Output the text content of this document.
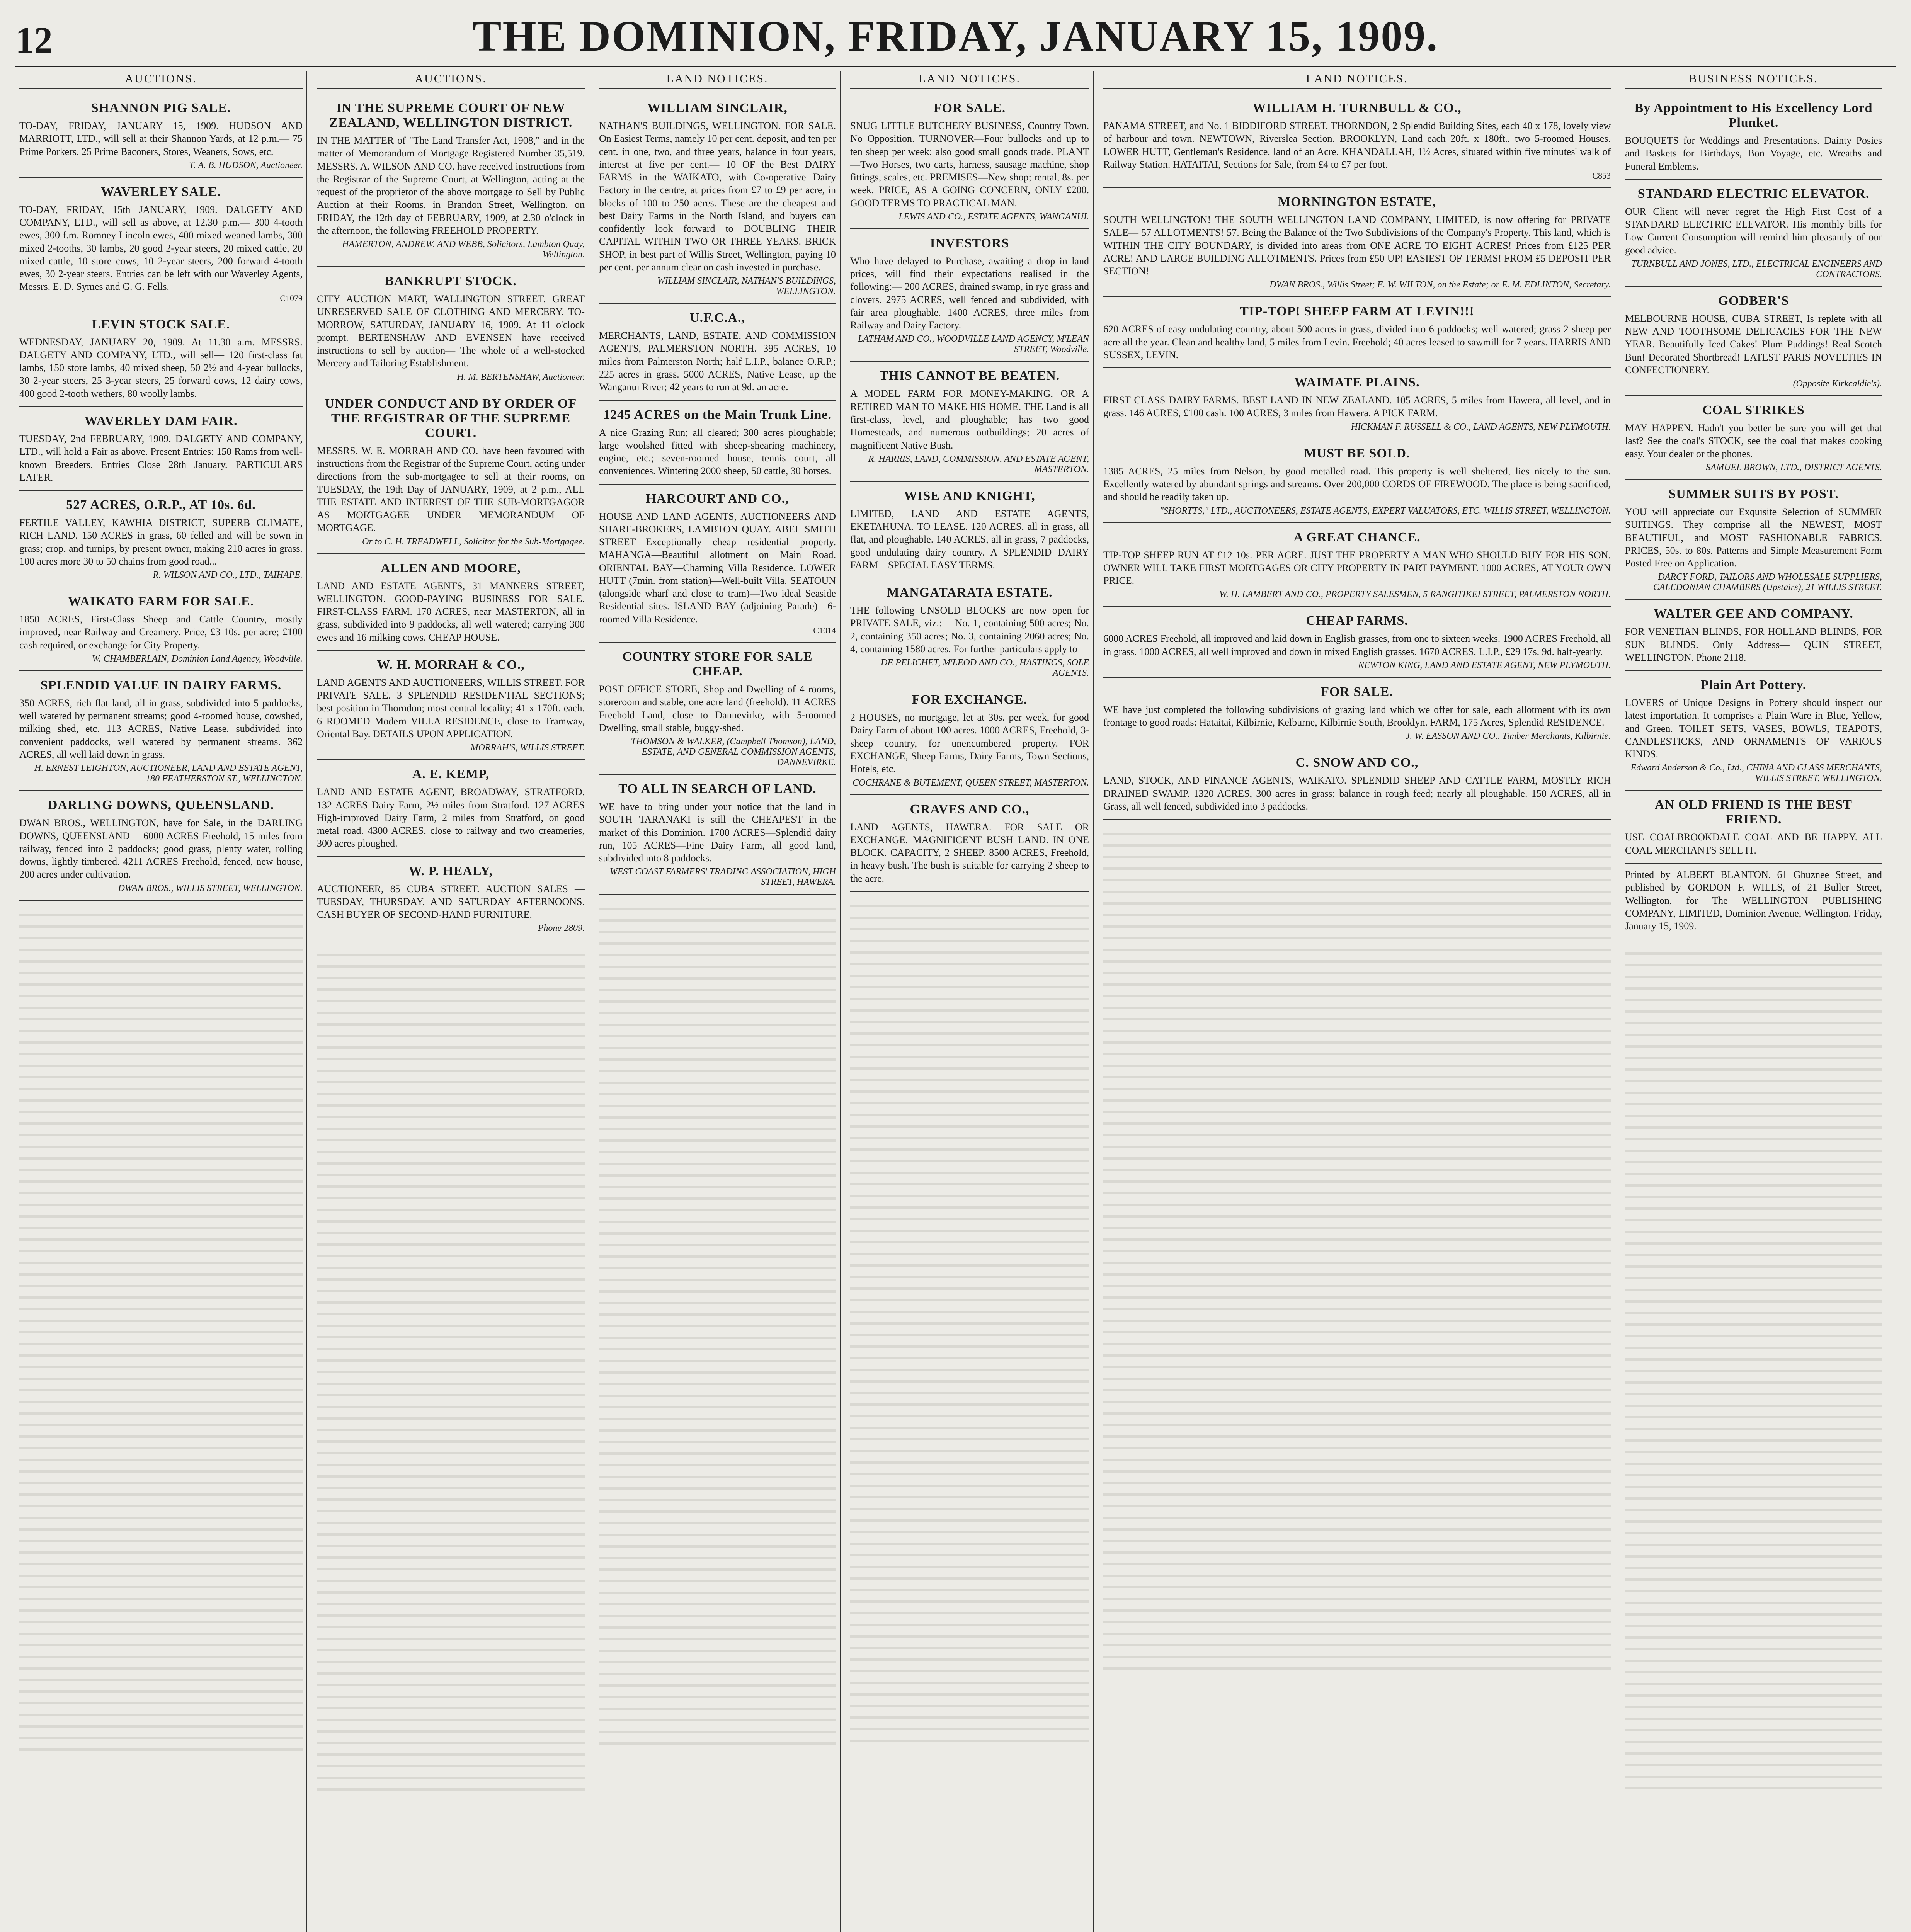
12	THE DOMINION, FRIDAY, JANUARY 15, 1909.
AUCTIONS.
SHANNON PIG SALE.

TO-DAY, FRIDAY, JANUARY 15, 1909. HUDSON AND MARRIOTT, LTD., will sell at their Shannon Yards, at 12 p.m.— 75 Prime Porkers, 25 Prime Baconers, Stores, Weaners, Sows, etc.

T. A. B. HUDSON, Auctioneer.
WAVERLEY SALE.

TO-DAY, FRIDAY, 15th JANUARY, 1909. DALGETY AND COMPANY, LTD., will sell as above, at 12.30 p.m.— 300 4-tooth ewes, 300 f.m. Romney Lincoln ewes, 400 mixed weaned lambs, 300 mixed 2-tooths, 30 lambs, 20 good 2-year steers, 20 mixed cattle, 20 mixed cattle, 10 store cows, 10 2-year steers, 200 forward 4-tooth ewes, 30 2-year steers. Entries can be left with our Waverley Agents, Messrs. E. D. Symes and G. G. Fells.

C1079
LEVIN STOCK SALE.

WEDNESDAY, JANUARY 20, 1909. At 11.30 a.m. MESSRS. DALGETY AND COMPANY, LTD., will sell— 120 first-class fat lambs, 150 store lambs, 40 mixed sheep, 50 2½ and 4-year bullocks, 30 2-year steers, 25 3-year steers, 25 forward cows, 12 dairy cows, 400 good 2-tooth wethers, 80 woolly lambs.

WAVERLEY DAM FAIR.

TUESDAY, 2nd FEBRUARY, 1909. DALGETY AND COMPANY, LTD., will hold a Fair as above. Present Entries: 150 Rams from well-known Breeders. Entries Close 28th January. PARTICULARS LATER.

527 ACRES, O.R.P., AT 10s. 6d.

FERTILE VALLEY, KAWHIA DISTRICT, SUPERB CLIMATE, RICH LAND. 150 ACRES in grass, 60 felled and will be sown in grass; crop, and turnips, by present owner, making 210 acres in grass. 100 acres more 30 to 50 chains from good road...

R. WILSON AND CO., LTD., TAIHAPE.
WAIKATO FARM FOR SALE.

1850 ACRES, First-Class Sheep and Cattle Country, mostly improved, near Railway and Creamery. Price, £3 10s. per acre; £100 cash required, or exchange for City Property.

W. CHAMBERLAIN, Dominion Land Agency, Woodville.
SPLENDID VALUE IN DAIRY FARMS.

350 ACRES, rich flat land, all in grass, subdivided into 5 paddocks, well watered by permanent streams; good 4-roomed house, cowshed, milking shed, etc. 113 ACRES, Native Lease, subdivided into convenient paddocks, well watered by permanent streams. 362 ACRES, all well laid down in grass.

H. ERNEST LEIGHTON, AUCTIONEER, LAND AND ESTATE AGENT, 180 FEATHERSTON ST., WELLINGTON.
DARLING DOWNS, QUEENSLAND.

DWAN BROS., WELLINGTON, have for Sale, in the DARLING DOWNS, QUEENSLAND— 6000 ACRES Freehold, 15 miles from railway, fenced into 2 paddocks; good grass, plenty water, rolling downs, lightly timbered. 4211 ACRES Freehold, fenced, new house, 200 acres under cultivation.

DWAN BROS., WILLIS STREET, WELLINGTON.
AUCTIONS.
IN THE SUPREME COURT OF NEW ZEALAND, WELLINGTON DISTRICT.

IN THE MATTER of "The Land Transfer Act, 1908," and in the matter of Memorandum of Mortgage Registered Number 35,519. MESSRS. A. WILSON AND CO. have received instructions from the Registrar of the Supreme Court, at Wellington, acting at the request of the proprietor of the above mortgage to Sell by Public Auction at their Rooms, in Brandon Street, Wellington, on FRIDAY, the 12th day of FEBRUARY, 1909, at 2.30 o'clock in the afternoon, the following FREEHOLD PROPERTY.

HAMERTON, ANDREW, AND WEBB, Solicitors, Lambton Quay, Wellington.
BANKRUPT STOCK.

CITY AUCTION MART, WALLINGTON STREET. GREAT UNRESERVED SALE OF CLOTHING AND MERCERY. TO-MORROW, SATURDAY, JANUARY 16, 1909. At 11 o'clock prompt. BERTENSHAW AND EVENSEN have received instructions to sell by auction— The whole of a well-stocked Mercery and Tailoring Establishment.

H. M. BERTENSHAW, Auctioneer.
UNDER CONDUCT AND BY ORDER OF THE REGISTRAR OF THE SUPREME COURT.

MESSRS. W. E. MORRAH AND CO. have been favoured with instructions from the Registrar of the Supreme Court, acting under directions from the sub-mortgagee to sell at their rooms, on TUESDAY, the 19th Day of JANUARY, 1909, at 2 p.m., ALL THE ESTATE AND INTEREST OF THE SUB-MORTGAGOR AS MORTGAGEE UNDER MEMORANDUM OF MORTGAGE.

Or to C. H. TREADWELL, Solicitor for the Sub-Mortgagee.
ALLEN AND MOORE,

LAND AND ESTATE AGENTS, 31 MANNERS STREET, WELLINGTON. GOOD-PAYING BUSINESS FOR SALE. FIRST-CLASS FARM. 170 ACRES, near MASTERTON, all in grass, subdivided into 9 paddocks, all well watered; carrying 300 ewes and 16 milking cows. CHEAP HOUSE.

W. H. MORRAH & CO.,

LAND AGENTS AND AUCTIONEERS, WILLIS STREET. FOR PRIVATE SALE. 3 SPLENDID RESIDENTIAL SECTIONS; best position in Thorndon; most central locality; 41 x 170ft. each. 6 ROOMED Modern VILLA RESIDENCE, close to Tramway, Oriental Bay. DETAILS UPON APPLICATION.

MORRAH'S, WILLIS STREET.
A. E. KEMP,

LAND AND ESTATE AGENT, BROADWAY, STRATFORD. 132 ACRES Dairy Farm, 2½ miles from Stratford. 127 ACRES High-improved Dairy Farm, 2 miles from Stratford, on good metal road. 4300 ACRES, close to railway and two creameries, 300 acres ploughed.

W. P. HEALY,

AUCTIONEER, 85 CUBA STREET. AUCTION SALES — TUESDAY, THURSDAY, AND SATURDAY AFTERNOONS. CASH BUYER OF SECOND-HAND FURNITURE.

Phone 2809.
LAND NOTICES.
WILLIAM SINCLAIR,

NATHAN'S BUILDINGS, WELLINGTON. FOR SALE. On Easiest Terms, namely 10 per cent. deposit, and ten per cent. in one, two, and three years, balance in four years, interest at five per cent.— 10 OF the Best DAIRY FARMS in the WAIKATO, with Co-operative Dairy Factory in the centre, at prices from £7 to £9 per acre, in blocks of 100 to 250 acres. These are the cheapest and best Dairy Farms in the North Island, and buyers can confidently look forward to DOUBLING THEIR CAPITAL WITHIN TWO OR THREE YEARS. BRICK SHOP, in best part of Willis Street, Wellington, paying 10 per cent. per annum clear on cash invested in purchase.

WILLIAM SINCLAIR, NATHAN'S BUILDINGS, WELLINGTON.
U.F.C.A.,

MERCHANTS, LAND, ESTATE, AND COMMISSION AGENTS, PALMERSTON NORTH. 395 ACRES, 10 miles from Palmerston North; half L.I.P., balance O.R.P.; 225 acres in grass. 5000 ACRES, Native Lease, up the Wanganui River; 42 years to run at 9d. an acre.

1245 ACRES on the Main Trunk Line.

A nice Grazing Run; all cleared; 300 acres ploughable; large woolshed fitted with sheep-shearing machinery, engine, etc.; seven-roomed house, tennis court, all conveniences. Wintering 2000 sheep, 50 cattle, 30 horses.

HARCOURT AND CO.,

HOUSE AND LAND AGENTS, AUCTIONEERS AND SHARE-BROKERS, LAMBTON QUAY. ABEL SMITH STREET—Exceptionally cheap residential property. MAHANGA—Beautiful allotment on Main Road. ORIENTAL BAY—Charming Villa Residence. LOWER HUTT (7min. from station)—Well-built Villa. SEATOUN (alongside wharf and close to tram)—Two ideal Seaside Residential sites. ISLAND BAY (adjoining Parade)—6-roomed Villa Residence.

C1014
COUNTRY STORE FOR SALE CHEAP.

POST OFFICE STORE, Shop and Dwelling of 4 rooms, storeroom and stable, one acre land (freehold). 11 ACRES Freehold Land, close to Dannevirke, with 5-roomed Dwelling, small stable, buggy-shed.

THOMSON & WALKER, (Campbell Thomson), LAND, ESTATE, AND GENERAL COMMISSION AGENTS, DANNEVIRKE.
TO ALL IN SEARCH OF LAND.

WE have to bring under your notice that the land in SOUTH TARANAKI is still the CHEAPEST in the market of this Dominion. 1700 ACRES—Splendid dairy run, 105 ACRES—Fine Dairy Farm, all good land, subdivided into 8 paddocks.

WEST COAST FARMERS' TRADING ASSOCIATION, HIGH STREET, HAWERA.
LAND NOTICES.
FOR SALE.

SNUG LITTLE BUTCHERY BUSINESS, Country Town. No Opposition. TURNOVER—Four bullocks and up to ten sheep per week; also good small goods trade. PLANT—Two Horses, two carts, harness, sausage machine, shop fittings, scales, etc. PREMISES—New shop; rental, 8s. per week. PRICE, AS A GOING CONCERN, ONLY £200. GOOD TERMS TO PRACTICAL MAN.

LEWIS AND CO., ESTATE AGENTS, WANGANUI.
INVESTORS

Who have delayed to Purchase, awaiting a drop in land prices, will find their expectations realised in the following:— 200 ACRES, drained swamp, in rye grass and clovers. 2975 ACRES, well fenced and subdivided, with fair area ploughable. 1400 ACRES, three miles from Railway and Dairy Factory.

LATHAM AND CO., WOODVILLE LAND AGENCY, M'LEAN STREET, Woodville.
THIS CANNOT BE BEATEN.

A MODEL FARM FOR MONEY-MAKING, OR A RETIRED MAN TO MAKE HIS HOME. THE Land is all first-class, level, and ploughable; has two good Homesteads, and numerous outbuildings; 20 acres of magnificent Native Bush.

R. HARRIS, LAND, COMMISSION, AND ESTATE AGENT, MASTERTON.
WISE AND KNIGHT,

LIMITED, LAND AND ESTATE AGENTS, EKETAHUNA. TO LEASE. 120 ACRES, all in grass, all flat, and ploughable. 140 ACRES, all in grass, 7 paddocks, good undulating dairy country. A SPLENDID DAIRY FARM—SPECIAL EASY TERMS.

MANGATARATA ESTATE.

THE following UNSOLD BLOCKS are now open for PRIVATE SALE, viz.:— No. 1, containing 500 acres; No. 2, containing 350 acres; No. 3, containing 2060 acres; No. 4, containing 1580 acres. For further particulars apply to

DE PELICHET, M'LEOD AND CO., HASTINGS, SOLE AGENTS.
FOR EXCHANGE.

2 HOUSES, no mortgage, let at 30s. per week, for good Dairy Farm of about 100 acres. 1000 ACRES, Freehold, 3-sheep country, for unencumbered property. FOR EXCHANGE, Sheep Farms, Dairy Farms, Town Sections, Hotels, etc.

COCHRANE & BUTEMENT, QUEEN STREET, MASTERTON.
GRAVES AND CO.,

LAND AGENTS, HAWERA. FOR SALE OR EXCHANGE. MAGNIFICENT BUSH LAND. IN ONE BLOCK. CAPACITY, 2 SHEEP. 8500 ACRES, Freehold, in heavy bush. The bush is suitable for carrying 2 sheep to the acre.

LAND NOTICES.
WILLIAM H. TURNBULL & CO.,

PANAMA STREET, and No. 1 BIDDIFORD STREET. THORNDON, 2 Splendid Building Sites, each 40 x 178, lovely view of harbour and town. NEWTOWN, Riverslea Section. BROOKLYN, Land each 20ft. x 180ft., two 5-roomed Houses. LOWER HUTT, Gentleman's Residence, land of an Acre. KHANDALLAH, 1½ Acres, situated within five minutes' walk of Railway Station. HATAITAI, Sections for Sale, from £4 to £7 per foot.

C853
MORNINGTON ESTATE,

SOUTH WELLINGTON! THE SOUTH WELLINGTON LAND COMPANY, LIMITED, is now offering for PRIVATE SALE— 57 ALLOTMENTS! 57. Being the Balance of the Two Subdivisions of the Company's Property. This land, which is WITHIN THE CITY BOUNDARY, is divided into areas from ONE ACRE TO EIGHT ACRES! Prices from £125 PER ACRE! AND LARGE BUILDING ALLOTMENTS. Prices from £50 UP! EASIEST OF TERMS! FROM £5 DEPOSIT PER SECTION!

DWAN BROS., Willis Street; E. W. WILTON, on the Estate; or E. M. EDLINTON, Secretary.
TIP-TOP! SHEEP FARM AT LEVIN!!!

620 ACRES of easy undulating country, about 500 acres in grass, divided into 6 paddocks; well watered; grass 2 sheep per acre all the year. Clean and healthy land, 5 miles from Levin. Freehold; 40 acres leased to sawmill for 7 years. HARRIS AND SUSSEX, LEVIN.

WAIMATE PLAINS.

FIRST CLASS DAIRY FARMS. BEST LAND IN NEW ZEALAND. 105 ACRES, 5 miles from Hawera, all level, and in grass. 146 ACRES, £100 cash. 100 ACRES, 3 miles from Hawera. A PICK FARM.

HICKMAN F. RUSSELL & CO., LAND AGENTS, NEW PLYMOUTH.
MUST BE SOLD.

1385 ACRES, 25 miles from Nelson, by good metalled road. This property is well sheltered, lies nicely to the sun. Excellently watered by abundant springs and streams. Over 200,000 CORDS OF FIREWOOD. The place is being sacrificed, and should be readily taken up.

"SHORTTS," LTD., AUCTIONEERS, ESTATE AGENTS, EXPERT VALUATORS, ETC. WILLIS STREET, WELLINGTON.
A GREAT CHANCE.

TIP-TOP SHEEP RUN AT £12 10s. PER ACRE. JUST THE PROPERTY A MAN WHO SHOULD BUY FOR HIS SON. OWNER WILL TAKE FIRST MORTGAGES OR CITY PROPERTY IN PART PAYMENT. 1000 ACRES, AT YOUR OWN PRICE.

W. H. LAMBERT AND CO., PROPERTY SALESMEN, 5 RANGITIKEI STREET, PALMERSTON NORTH.
CHEAP FARMS.

6000 ACRES Freehold, all improved and laid down in English grasses, from one to sixteen weeks. 1900 ACRES Freehold, all in grass. 1000 ACRES, all well improved and down in mixed English grasses. 1670 ACRES, L.I.P., £29 17s. 9d. half-yearly.

NEWTON KING, LAND AND ESTATE AGENT, NEW PLYMOUTH.
FOR SALE.

WE have just completed the following subdivisions of grazing land which we offer for sale, each allotment with its own frontage to good roads: Hataitai, Kilbirnie, Kelburne, Kilbirnie South, Brooklyn. FARM, 175 Acres, Splendid RESIDENCE.

J. W. EASSON AND CO., Timber Merchants, Kilbirnie.
C. SNOW AND CO.,

LAND, STOCK, AND FINANCE AGENTS, WAIKATO. SPLENDID SHEEP AND CATTLE FARM, MOSTLY RICH DRAINED SWAMP. 1320 ACRES, 300 acres in grass; balance in rough feed; nearly all ploughable. 150 ACRES, all in Grass, all well fenced, subdivided into 3 paddocks.

BUSINESS NOTICES.
By Appointment to His Excellency Lord Plunket.

BOUQUETS for Weddings and Presentations. Dainty Posies and Baskets for Birthdays, Bon Voyage, etc. Wreaths and Funeral Emblems.

STANDARD ELECTRIC ELEVATOR.

OUR Client will never regret the High First Cost of a STANDARD ELECTRIC ELEVATOR. His monthly bills for Low Current Consumption will remind him pleasantly of our good advice.

TURNBULL AND JONES, LTD., ELECTRICAL ENGINEERS AND CONTRACTORS.
GODBER'S

MELBOURNE HOUSE, CUBA STREET, Is replete with all NEW AND TOOTHSOME DELICACIES FOR THE NEW YEAR. Beautifully Iced Cakes! Plum Puddings! Real Scotch Bun! Decorated Shortbread! LATEST PARIS NOVELTIES IN CONFECTIONERY.

(Opposite Kirkcaldie's).
COAL STRIKES

MAY HAPPEN. Hadn't you better be sure you will get that last? See the coal's STOCK, see the coal that makes cooking easy. Your dealer or the phones.

SAMUEL BROWN, LTD., DISTRICT AGENTS.
SUMMER SUITS BY POST.

YOU will appreciate our Exquisite Selection of SUMMER SUITINGS. They comprise all the NEWEST, MOST BEAUTIFUL, and MOST FASHIONABLE FABRICS. PRICES, 50s. to 80s. Patterns and Simple Measurement Form Posted Free on Application.

DARCY FORD, TAILORS AND WHOLESALE SUPPLIERS, CALEDONIAN CHAMBERS (Upstairs), 21 WILLIS STREET.
WALTER GEE AND COMPANY.

FOR VENETIAN BLINDS, FOR HOLLAND BLINDS, FOR SUN BLINDS. Only Address— QUIN STREET, WELLINGTON. Phone 2118.

Plain Art Pottery.

LOVERS of Unique Designs in Pottery should inspect our latest importation. It comprises a Plain Ware in Blue, Yellow, and Green. TOILET SETS, VASES, BOWLS, TEAPOTS, CANDLESTICKS, AND ORNAMENTS OF VARIOUS KINDS.

Edward Anderson & Co., Ltd., CHINA AND GLASS MERCHANTS, WILLIS STREET, WELLINGTON.
AN OLD FRIEND IS THE BEST FRIEND.

USE COALBROOKDALE COAL AND BE HAPPY. ALL COAL MERCHANTS SELL IT.

Printed by ALBERT BLANTON, 61 Ghuznee Street, and published by GORDON F. WILLS, of 21 Buller Street, Wellington, for The WELLINGTON PUBLISHING COMPANY, LIMITED, Dominion Avenue, Wellington. Friday, January 15, 1909.
